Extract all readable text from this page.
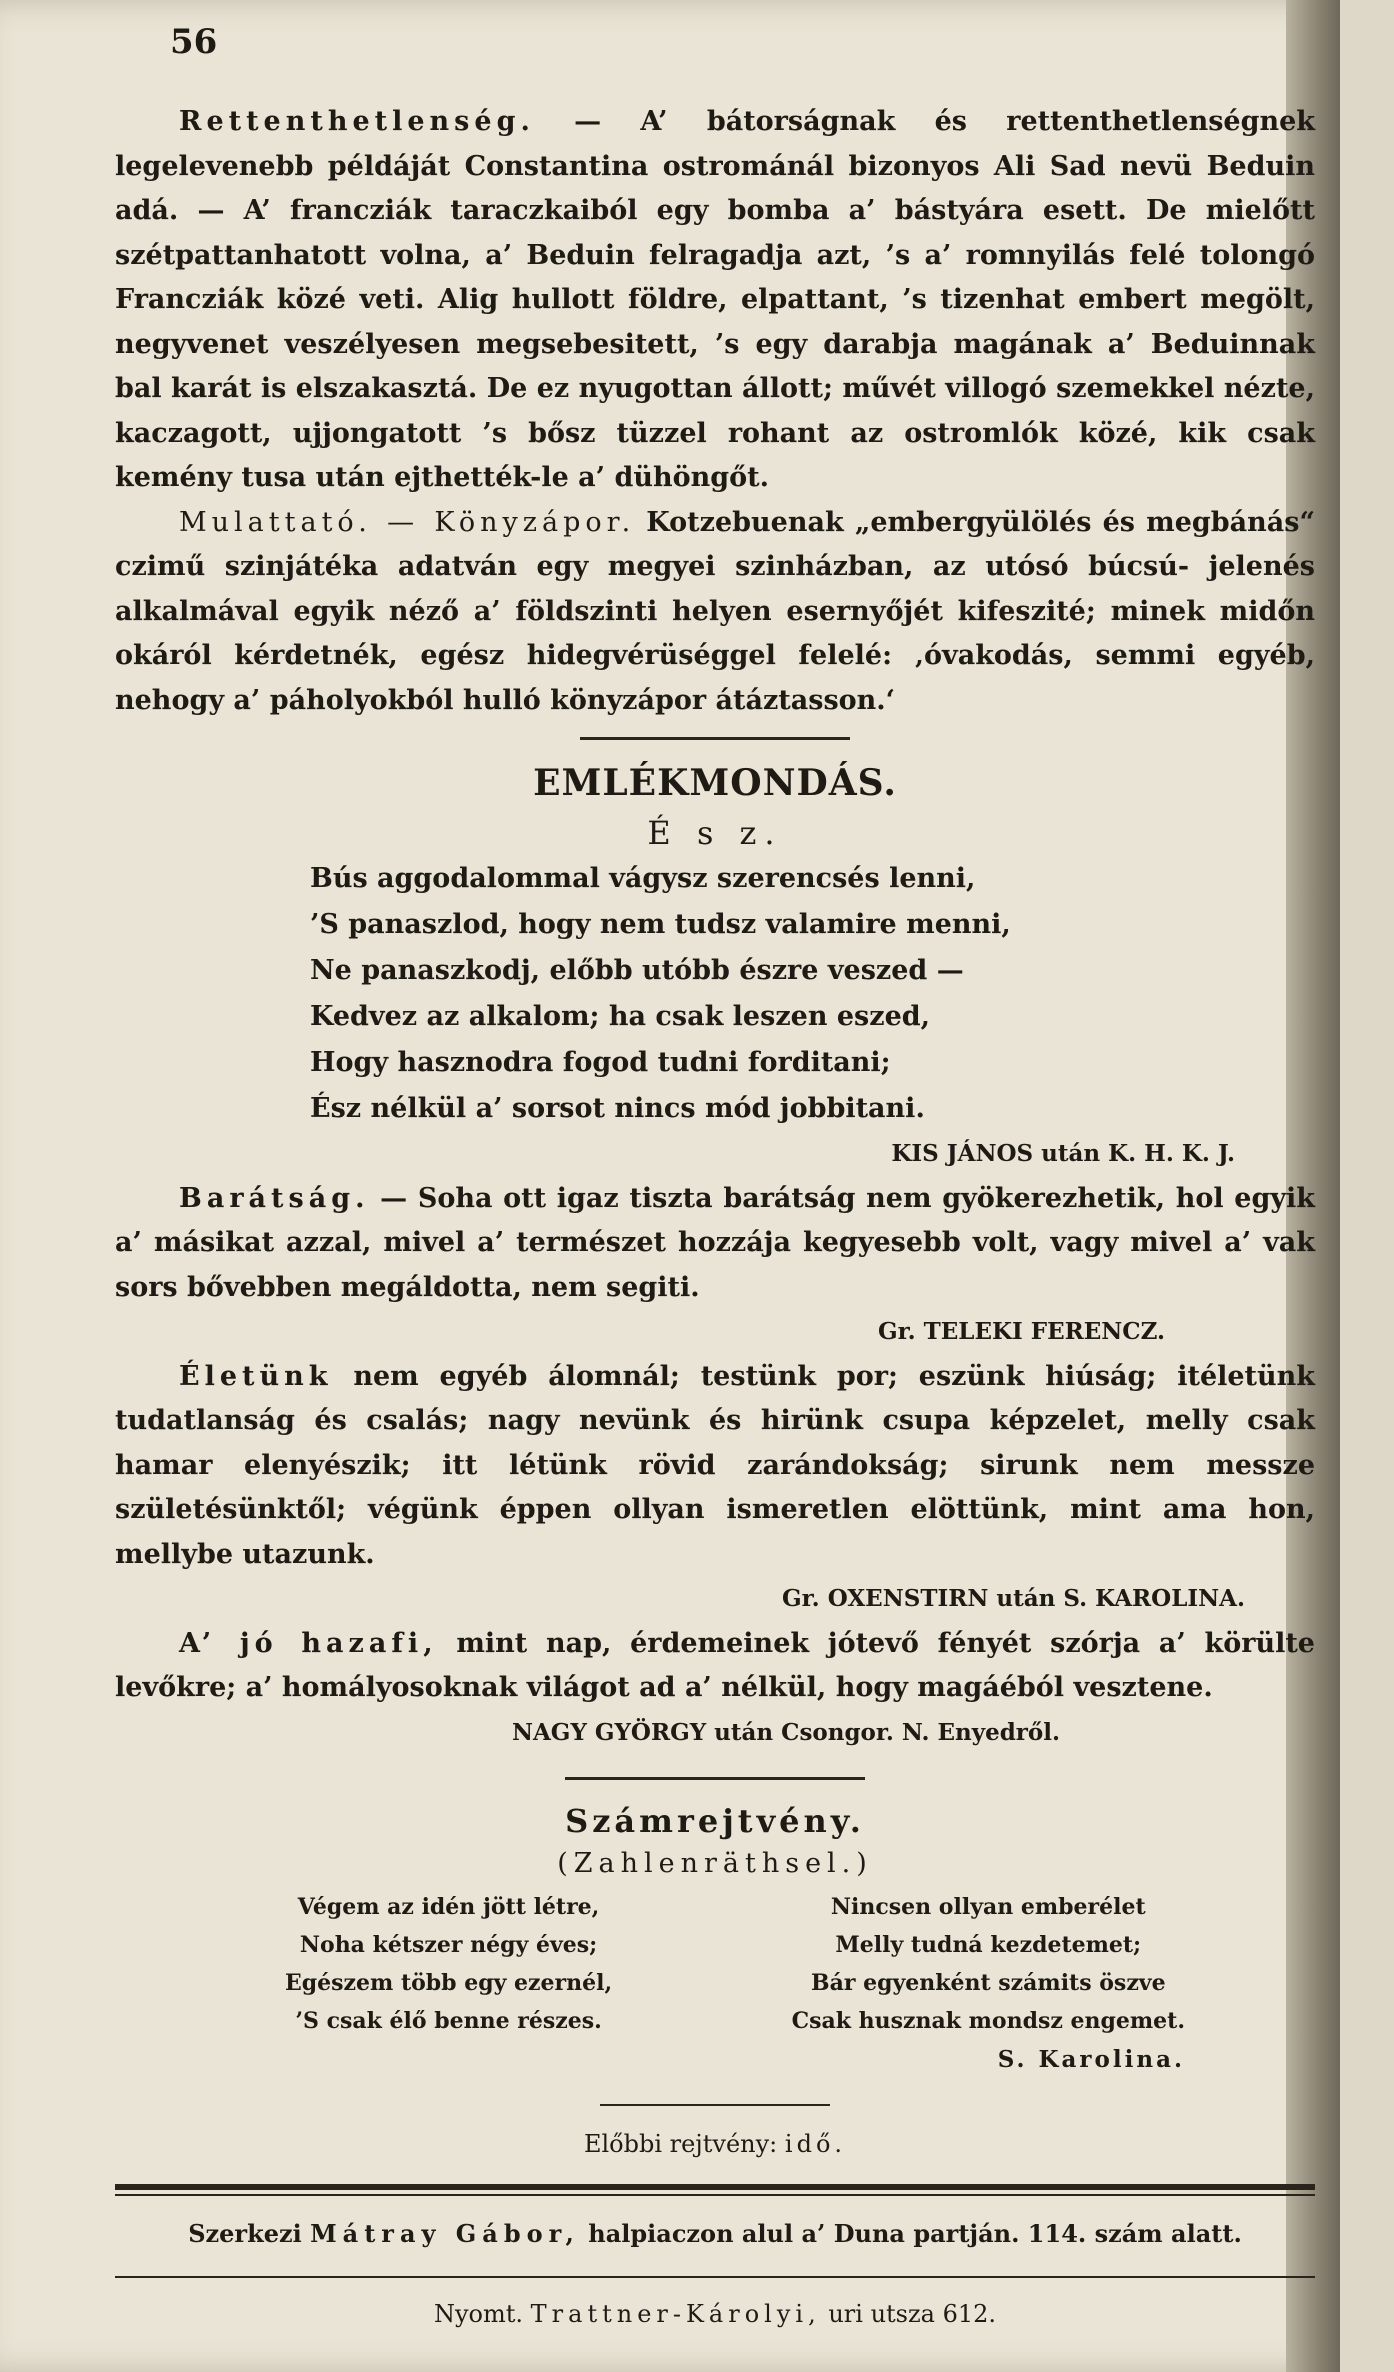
56

Rettenthetlenség. — A’ bátorságnak és rettenthetlenségnek legelevenebb példáját Constantina ostrománál bizonyos Ali Sad nevü Beduin adá. — A’ francziák taraczkaiból egy bomba a’ bástyára esett. De mielőtt szétpattanhatott volna, a’ Beduin felragadja azt, ’s a’ romnyilás felé tolongó Francziák közé veti. Alig hullott földre, elpattant, ’s tizenhat embert megölt, negyvenet veszélyesen megsebesitett, ’s egy darabja magának a’ Beduinnak bal karát is elszakasztá. De ez nyugottan állott; művét villogó szemekkel nézte, kaczagott, ujjongatott ’s bősz tüzzel rohant az ostromlók közé, kik csak kemény tusa után ejthették-le a’ dühöngőt.

Mulattató. — Könyzápor. Kotzebuenak „embergyülölés és megbánás“ czimű szinjátéka adatván egy megyei szinházban, az utósó búcsú- jelenés alkalmával egyik néző a’ földszinti helyen esernyőjét kifeszité; minek midőn okáról kérdetnék, egész hidegvérüséggel felelé: ‚óvakodás, semmi egyéb, nehogy a’ páholyokból hulló könyzápor átáztasson.‘

EMLÉKMONDÁS.
É s z.
Bús aggodalommal vágysz szerencsés lenni,
’S panaszlod, hogy nem tudsz valamire menni,
Ne panaszkodj, előbb utóbb észre veszed —
Kedvez az alkalom; ha csak leszen eszed,
Hogy hasznodra fogod tudni forditani;
Ész nélkül a’ sorsot nincs mód jobbitani.
KIS JÁNOS után K. H. K. J.

Barátság. — Soha ott igaz tiszta barátság nem gyökerezhetik, hol egyik a’ másikat azzal, mivel a’ természet hozzája kegyesebb volt, vagy mivel a’ vak sors bővebben megáldotta, nem segiti.

Gr. TELEKI FERENCZ.

Életünk nem egyéb álomnál; testünk por; eszünk hiúság; itéletünk tudatlanság és csalás; nagy nevünk és hirünk csupa képzelet, melly csak hamar elenyészik; itt létünk rövid zarándokság; sirunk nem messze születésünktől; végünk éppen ollyan ismeretlen elöttünk, mint ama hon, mellybe utazunk.

Gr. OXENSTIRN után S. KAROLINA.

A’ jó hazafi, mint nap, érdemeinek jótevő fényét szórja a’ körülte levőkre; a’ homályosoknak világot ad a’ nélkül, hogy magáéból vesztene.

NAGY GYÖRGY után Csongor. N. Enyedről.
Számrejtvény.
(Zahlenräthsel.)
Végem az idén jött létre,
Noha kétszer négy éves;
Egészem több egy ezernél,
’S csak élő benne részes.
Nincsen ollyan emberélet
Melly tudná kezdetemet;
Bár egyenként számits öszve
Csak husznak mondsz engemet.
S. Karolina.
Előbbi rejtvény: idő.
Szerkezi Mátray Gábor, halpiaczon alul a’ Duna partján. 114. szám alatt.
Nyomt. Trattner-Károlyi, uri utsza 612.
